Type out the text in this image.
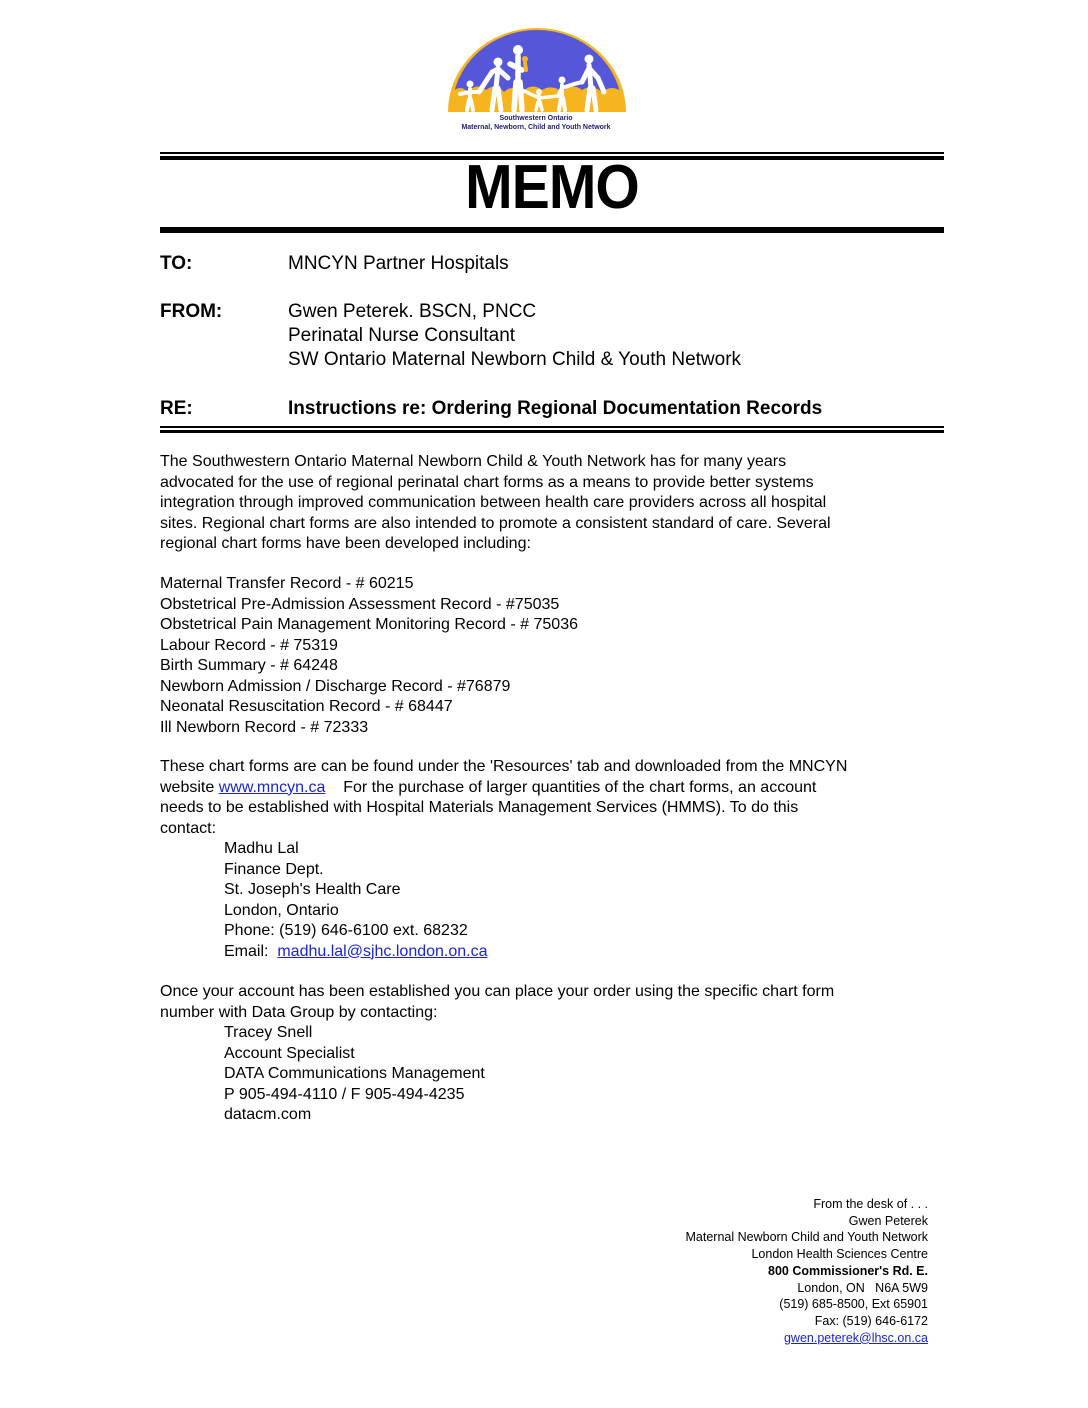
Southwestern Ontario
Maternal, Newborn, Child and Youth Network
MEMO
TO:	MNCYN Partner Hospitals
FROM:	Gwen Peterek. BSCN, PNCC
Perinatal Nurse Consultant
SW Ontario Maternal Newborn Child & Youth Network
RE:	Instructions re: Ordering Regional Documentation Records
The Southwestern Ontario Maternal Newborn Child & Youth Network has for many years
advocated for the use of regional perinatal chart forms as a means to provide better systems
integration through improved communication between health care providers across all hospital
sites. Regional chart forms are also intended to promote a consistent standard of care. Several
regional chart forms have been developed including:
Maternal Transfer Record - # 60215
Obstetrical Pre-Admission Assessment Record - #75035
Obstetrical Pain Management Monitoring Record - # 75036
Labour Record - # 75319
Birth Summary - # 64248
Newborn Admission / Discharge Record - #76879
Neonatal Resuscitation Record - # 68447
Ill Newborn Record - # 72333
These chart forms are can be found under the 'Resources' tab and downloaded from the MNCYN
website www.mncyn.ca    For the purchase of larger quantities of the chart forms, an account
needs to be established with Hospital Materials Management Services (HMMS). To do this
contact:
Madhu Lal
Finance Dept.
St. Joseph's Health Care
London, Ontario
Phone: (519) 646-6100 ext. 68232
Email:  madhu.lal@sjhc.london.on.ca
Once your account has been established you can place your order using the specific chart form
number with Data Group by contacting:
Tracey Snell
Account Specialist
DATA Communications Management
P 905-494-4110 / F 905-494-4235
datacm.com
From the desk of . . .
Gwen Peterek
Maternal Newborn Child and Youth Network
London Health Sciences Centre
800 Commissioner's Rd. E.
London, ON   N6A 5W9
(519) 685-8500, Ext 65901
Fax: (519) 646-6172
gwen.peterek@lhsc.on.ca
